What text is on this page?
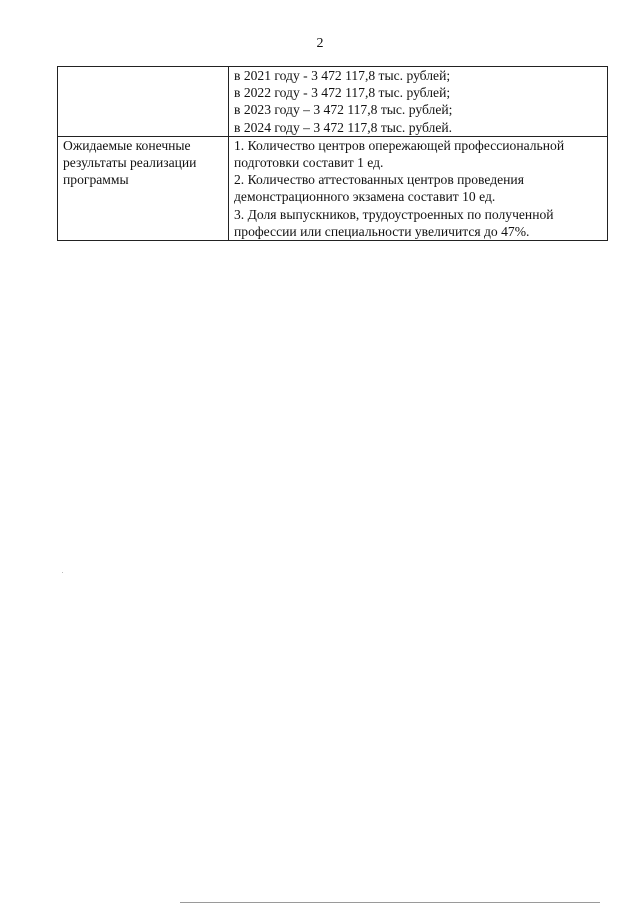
2

	в 2021 году - 3 472 117,8 тыс. рублей;
в 2022 году - 3 472 117,8 тыс. рублей;
в 2023 году – 3 472 117,8 тыс. рублей;
в 2024 году – 3 472 117,8 тыс. рублей.

Ожидаемые конечные результаты реализации программы	1. Количество центров опережающей профессиональной подготовки составит 1 ед.
2. Количество аттестованных центров проведения демонстрационного экзамена составит 10 ед.
3. Доля выпускников, трудоустроенных по полученной профессии или специальности увеличится до 47%.
